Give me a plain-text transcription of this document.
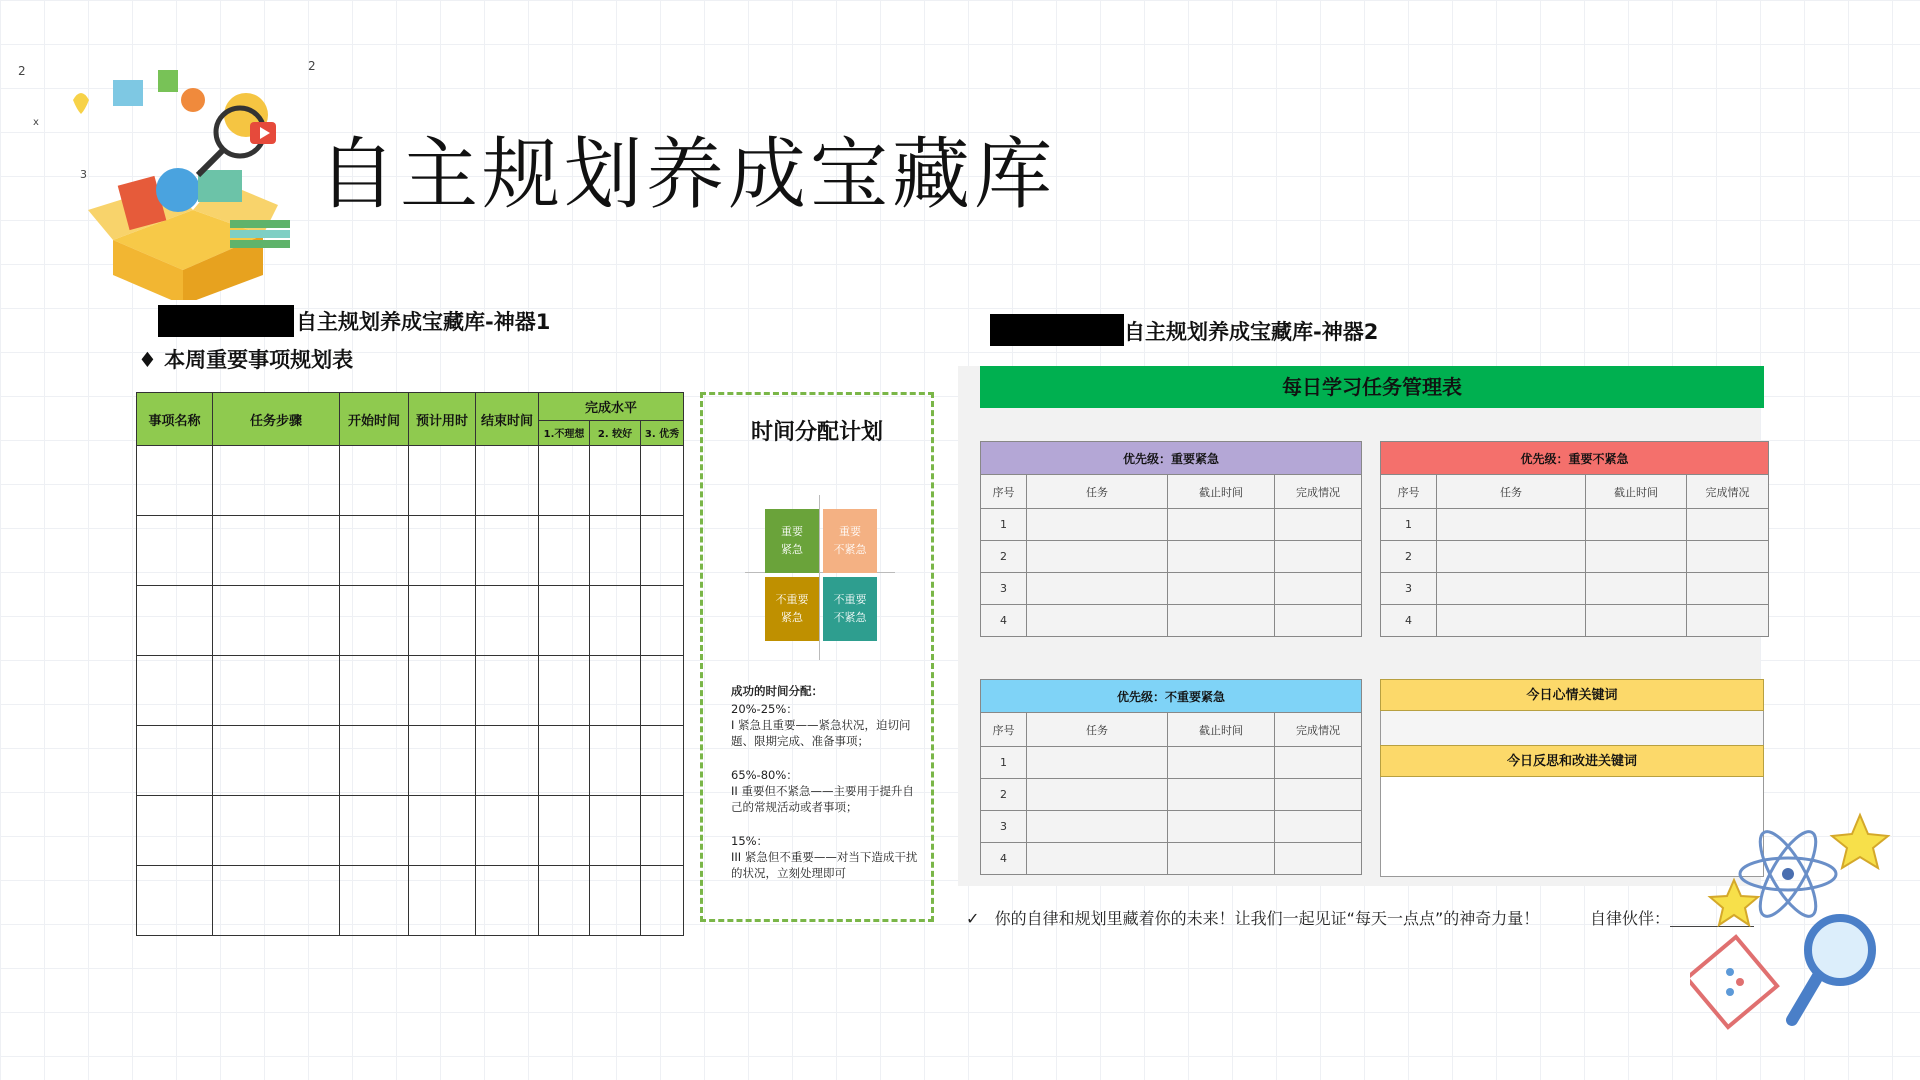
2	2
x
3	自主规划养成宝藏库
自主规划养成宝藏库-神器1
♦ 本周重要事项规划表
事项名称	任务步骤	开始时间	预计用时	结束时间	完成水平		
					1.不理想	2. 较好	3. 优秀

								时间分配计划
重要
紧急
重要
不紧急
不重要
紧急
不重要
不紧急
成功的时间分配：

20%-25%：
I 紧急且重要——紧急状况，迫切问题、限期完成、准备事项；

65%-80%：
II 重要但不紧急——主要用于提升自己的常规活动或者事项；

15%：
III 紧急但不重要——对当下造成干扰的状况，立刻处理即可

自主规划养成宝藏库-神器2
每日学习任务管理表
优先级：重要紧急			
序号	任务	截止时间	完成情况
1			
2			
3			
4			
优先级：重要不紧急			
序号	任务	截止时间	完成情况
1			
2			
3			
4			
优先级：不重要紧急			
序号	任务	截止时间	完成情况
1			
2			
3			
4			
今日心情关键词
今日反思和改进关键词
✓ 你的自律和规划里藏着你的未来！让我们一起见证“每天一点点”的神奇力量！	自律伙伴：
